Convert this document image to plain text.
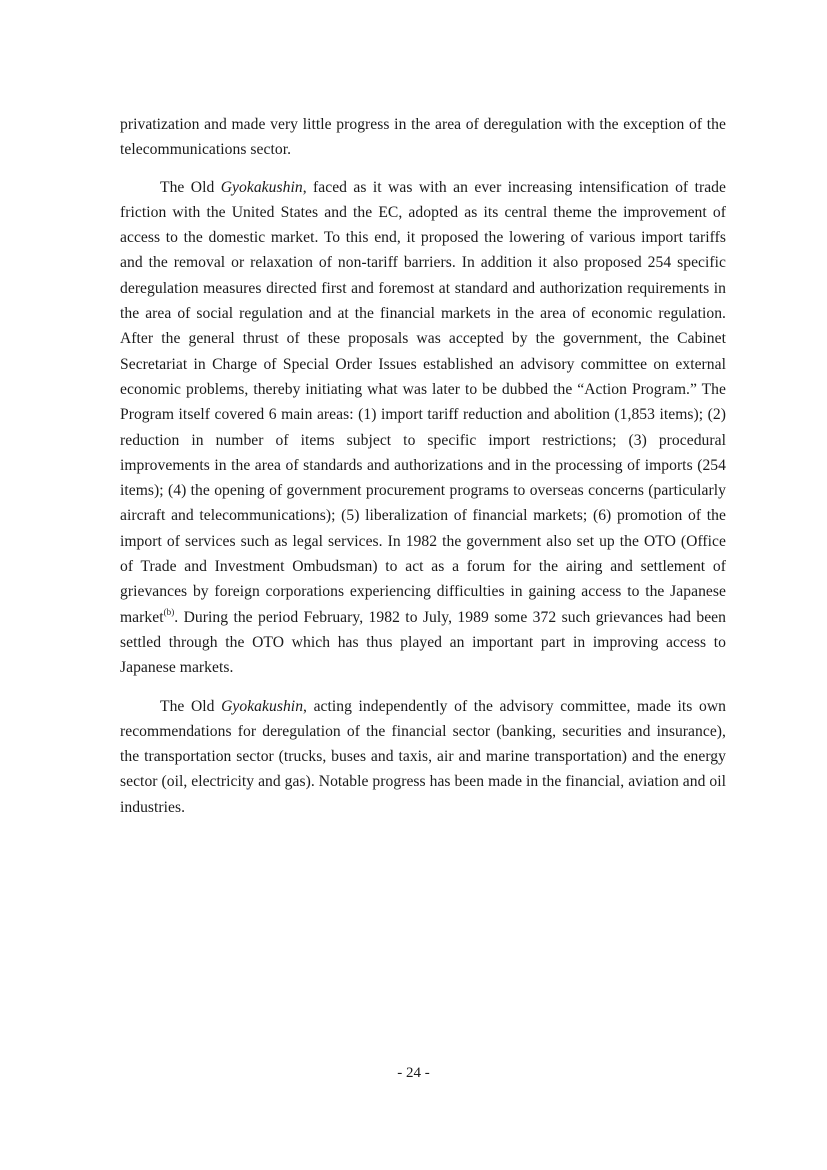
privatization and made very little progress in the area of deregulation with the exception of the telecommunications sector.

The Old Gyokakushin, faced as it was with an ever increasing intensification of trade friction with the United States and the EC, adopted as its central theme the improvement of access to the domestic market. To this end, it proposed the lowering of various import tariffs and the removal or relaxation of non-tariff barriers. In addition it also proposed 254 specific deregulation measures directed first and foremost at standard and authorization requirements in the area of social regulation and at the financial markets in the area of economic regulation. After the general thrust of these proposals was accepted by the government, the Cabinet Secretariat in Charge of Special Order Issues established an advisory committee on external economic problems, thereby initiating what was later to be dubbed the “Action Program.” The Program itself covered 6 main areas: (1) import tariff reduction and abolition (1,853 items); (2) reduction in number of items subject to specific import restrictions; (3) procedural improvements in the area of standards and authorizations and in the processing of imports (254 items); (4) the opening of government procurement programs to overseas concerns (particularly aircraft and telecommunications); (5) liberalization of financial markets; (6) promotion of the import of services such as legal services. In 1982 the government also set up the OTO (Office of Trade and Investment Ombudsman) to act as a forum for the airing and settlement of grievances by foreign corporations experiencing difficulties in gaining access to the Japanese market$^{(b)}$. During the period February, 1982 to July, 1989 some 372 such grievances had been settled through the OTO which has thus played an important part in improving access to Japanese markets.

The Old Gyokakushin, acting independently of the advisory committee, made its own recommendations for deregulation of the financial sector (banking, securities and insurance), the transportation sector (trucks, buses and taxis, air and marine transportation) and the energy sector (oil, electricity and gas). Notable progress has been made in the financial, aviation and oil industries.

- 24 -
